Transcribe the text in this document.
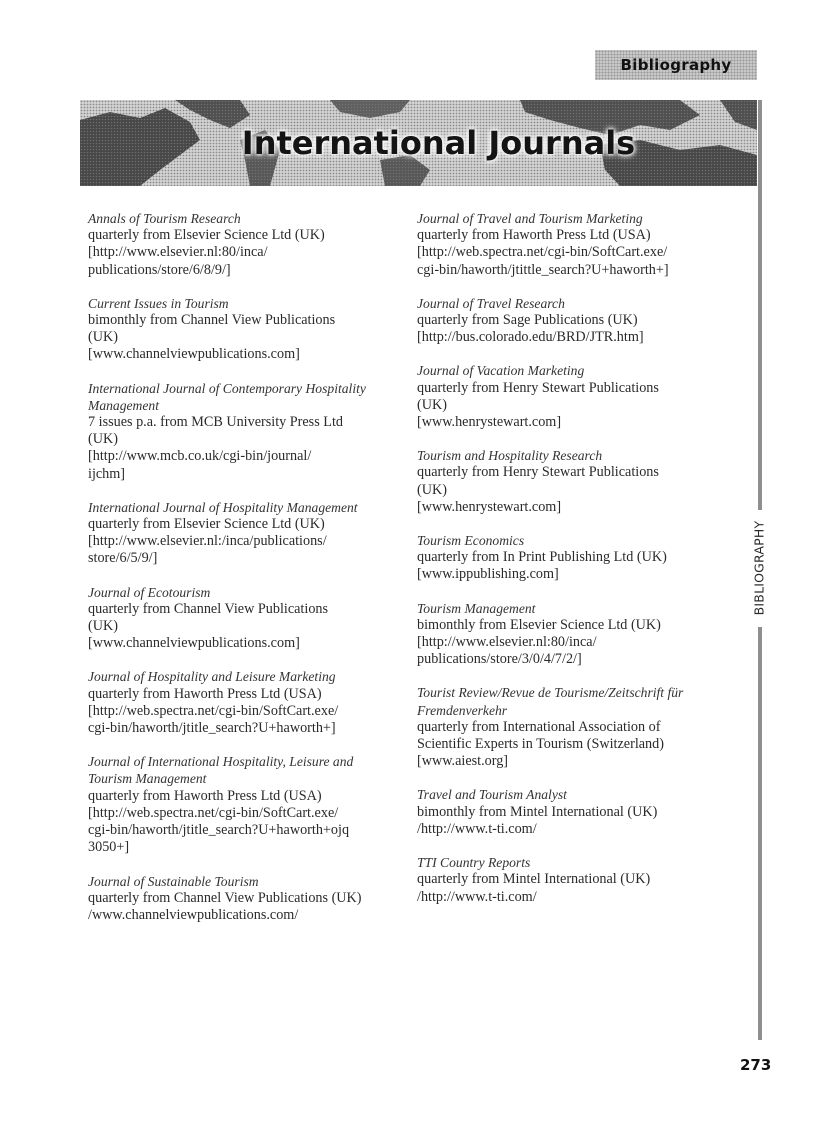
Bibliography
International Journals
Annals of Tourism Research
quarterly from Elsevier Science Ltd (UK)
[http://www.elsevier.nl:80/inca/
publications/store/6/8/9/]
Current Issues in Tourism
bimonthly from Channel View Publications
(UK)
[www.channelviewpublications.com]
International Journal of Contemporary Hospitality
Management
7 issues p.a. from MCB University Press Ltd
(UK)
[http://www.mcb.co.uk/cgi-bin/journal/
ijchm]
International Journal of Hospitality Management
quarterly from Elsevier Science Ltd (UK)
[http://www.elsevier.nl:/inca/publications/
store/6/5/9/]
Journal of Ecotourism
quarterly from Channel View Publications
(UK)
[www.channelviewpublications.com]
Journal of Hospitality and Leisure Marketing
quarterly from Haworth Press Ltd (USA)
[http://web.spectra.net/cgi-bin/SoftCart.exe/
cgi-bin/haworth/jtitle_search?U+haworth+]
Journal of International Hospitality, Leisure and
Tourism Management
quarterly from Haworth Press Ltd (USA)
[http://web.spectra.net/cgi-bin/SoftCart.exe/
cgi-bin/haworth/jtitle_search?U+haworth+ojq
3050+]
Journal of Sustainable Tourism
quarterly from Channel View Publications (UK)
/www.channelviewpublications.com/
Journal of Travel and Tourism Marketing
quarterly from Haworth Press Ltd (USA)
[http://web.spectra.net/cgi-bin/SoftCart.exe/
cgi-bin/haworth/jtittle_search?U+haworth+]
Journal of Travel Research
quarterly from Sage Publications (UK)
[http://bus.colorado.edu/BRD/JTR.htm]
Journal of Vacation Marketing
quarterly from Henry Stewart Publications
(UK)
[www.henrystewart.com]
Tourism and Hospitality Research
quarterly from Henry Stewart Publications
(UK)
[www.henrystewart.com]
Tourism Economics
quarterly from In Print Publishing Ltd (UK)
[www.ippublishing.com]
Tourism Management
bimonthly from Elsevier Science Ltd (UK)
[http://www.elsevier.nl:80/inca/
publications/store/3/0/4/7/2/]
Tourist Review/Revue de Tourisme/Zeitschrift für
Fremdenverkehr
quarterly from International Association of
Scientific Experts in Tourism (Switzerland)
[www.aiest.org]
Travel and Tourism Analyst
bimonthly from Mintel International (UK)
/http://www.t-ti.com/
TTI Country Reports
quarterly from Mintel International (UK)
/http://www.t-ti.com/
BIBLIOGRAPHY
273
